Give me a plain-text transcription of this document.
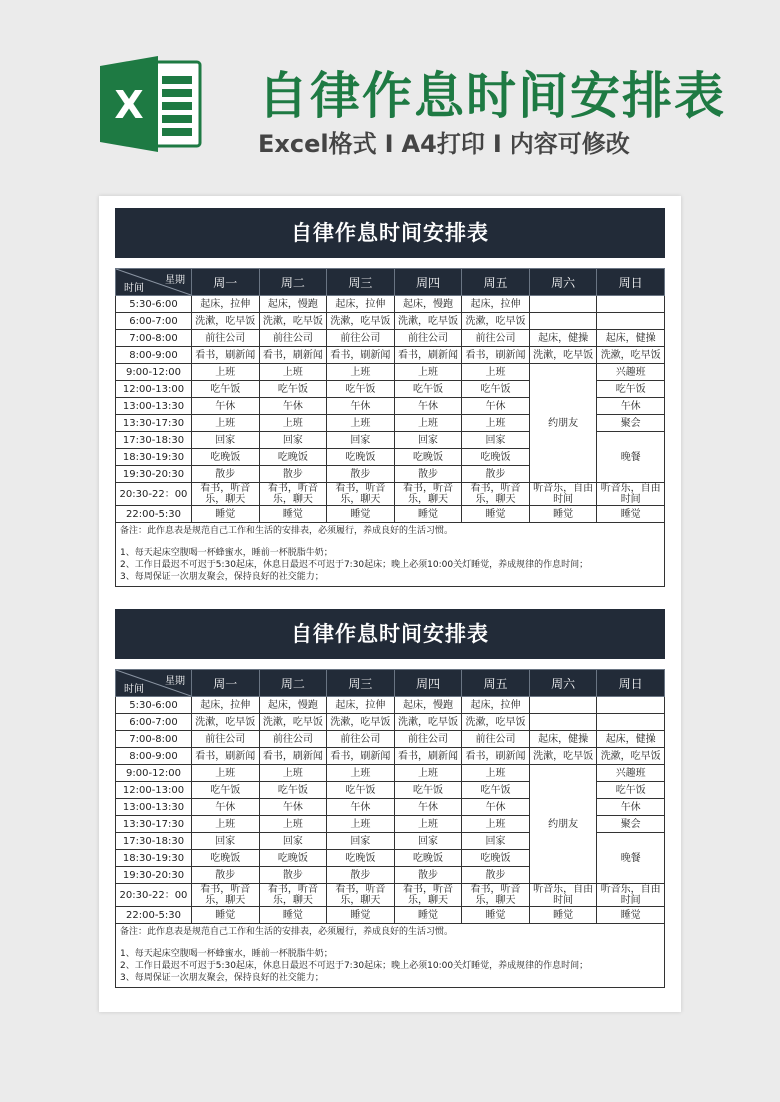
X 自律作息时间安排表
Excel格式 I A4打印 I 内容可修改
自律作息时间安排表
星期
时间	周一	周二	周三	周四	周五	周六	周日
5:30-6:00	起床，拉伸	起床，慢跑	起床，拉伸	起床，慢跑	起床，拉伸		
6:00-7:00	洗漱，吃早饭	洗漱，吃早饭	洗漱，吃早饭	洗漱，吃早饭	洗漱，吃早饭		
7:00-8:00	前往公司	前往公司	前往公司	前往公司	前往公司	起床，健操	起床，健操
8:00-9:00	看书，刷新闻	看书，刷新闻	看书，刷新闻	看书，刷新闻	看书，刷新闻	洗漱，吃早饭	洗漱，吃早饭
9:00-12:00	上班	上班	上班	上班	上班	约朋友	兴趣班
12:00-13:00	吃午饭	吃午饭	吃午饭	吃午饭	吃午饭		吃午饭
13:00-13:30	午休	午休	午休	午休	午休		午休
13:30-17:30	上班	上班	上班	上班	上班		聚会
17:30-18:30	回家	回家	回家	回家	回家		晚餐
18:30-19:30	吃晚饭	吃晚饭	吃晚饭	吃晚饭	吃晚饭		
19:30-20:30	散步	散步	散步	散步	散步		
20:30-22：00	看书，听音乐，聊天	看书，听音乐，聊天	看书，听音乐，聊天	看书，听音乐，聊天	看书，听音乐，聊天	听音乐，自由时间	听音乐，自由时间
22:00-5:30	睡觉	睡觉	睡觉	睡觉	睡觉	睡觉	睡觉
备注：此作息表是规范自己工作和生活的安排表，必须履行，养成良好的生活习惯。
1、每天起床空腹喝一杯蜂蜜水，睡前一杯脱脂牛奶；
2、工作日最迟不可迟于5:30起床，休息日最迟不可迟于7:30起床；晚上必须10:00关灯睡觉，养成规律的作息时间；
3、每周保证一次朋友聚会，保持良好的社交能力；
自律作息时间安排表
星期
时间	周一	周二	周三	周四	周五	周六	周日
5:30-6:00	起床，拉伸	起床，慢跑	起床，拉伸	起床，慢跑	起床，拉伸		
6:00-7:00	洗漱，吃早饭	洗漱，吃早饭	洗漱，吃早饭	洗漱，吃早饭	洗漱，吃早饭		
7:00-8:00	前往公司	前往公司	前往公司	前往公司	前往公司	起床，健操	起床，健操
8:00-9:00	看书，刷新闻	看书，刷新闻	看书，刷新闻	看书，刷新闻	看书，刷新闻	洗漱，吃早饭	洗漱，吃早饭
9:00-12:00	上班	上班	上班	上班	上班	约朋友	兴趣班
12:00-13:00	吃午饭	吃午饭	吃午饭	吃午饭	吃午饭		吃午饭
13:00-13:30	午休	午休	午休	午休	午休		午休
13:30-17:30	上班	上班	上班	上班	上班		聚会
17:30-18:30	回家	回家	回家	回家	回家		晚餐
18:30-19:30	吃晚饭	吃晚饭	吃晚饭	吃晚饭	吃晚饭		
19:30-20:30	散步	散步	散步	散步	散步		
20:30-22：00	看书，听音乐，聊天	看书，听音乐，聊天	看书，听音乐，聊天	看书，听音乐，聊天	看书，听音乐，聊天	听音乐，自由时间	听音乐，自由时间
22:00-5:30	睡觉	睡觉	睡觉	睡觉	睡觉	睡觉	睡觉
备注：此作息表是规范自己工作和生活的安排表，必须履行，养成良好的生活习惯。
1、每天起床空腹喝一杯蜂蜜水，睡前一杯脱脂牛奶；
2、工作日最迟不可迟于5:30起床，休息日最迟不可迟于7:30起床；晚上必须10:00关灯睡觉，养成规律的作息时间；
3、每周保证一次朋友聚会，保持良好的社交能力；
